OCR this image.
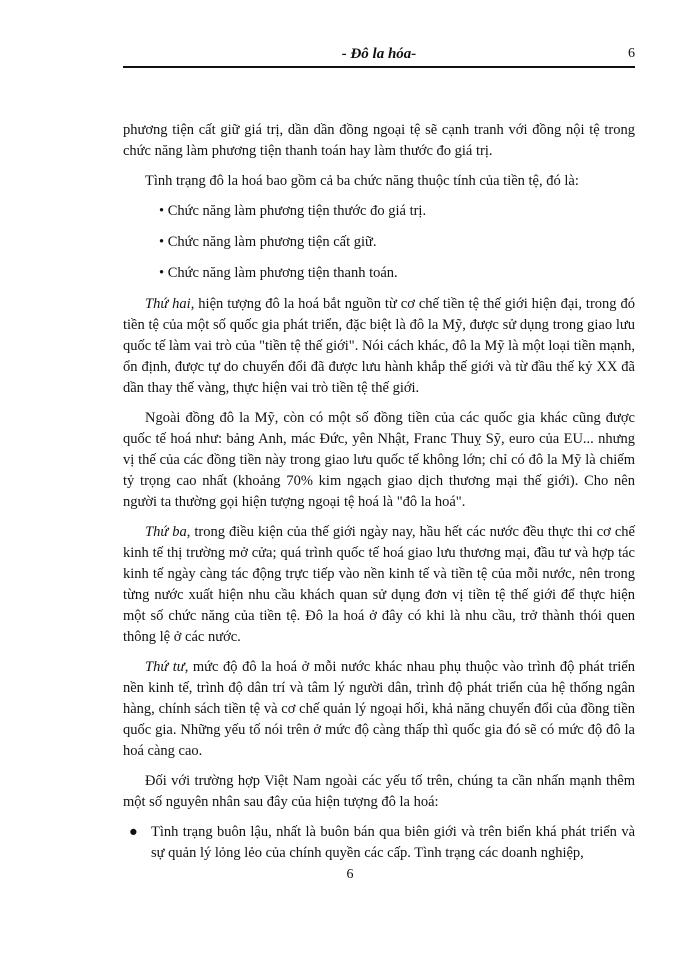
- Đô la hóa-	6

phương tiện cất giữ giá trị, dần dần đồng ngoại tệ sẽ cạnh tranh với đồng nội tệ trong chức năng làm phương tiện thanh toán hay làm thước đo giá trị.

Tình trạng đô la hoá bao gồm cả ba chức năng thuộc tính của tiền tệ, đó là:

• Chức năng làm phương tiện thước đo giá trị.
• Chức năng làm phương tiện cất giữ.
• Chức năng làm phương tiện thanh toán.

Thứ hai, hiện tượng đô la hoá bắt nguồn từ cơ chế tiền tệ thế giới hiện đại, trong đó tiền tệ của một số quốc gia phát triển, đặc biệt là đô la Mỹ, được sử dụng trong giao lưu quốc tế làm vai trò của "tiền tệ thế giới". Nói cách khác, đô la Mỹ là một loại tiền mạnh, ổn định, được tự do chuyển đổi đã được lưu hành khắp thế giới và từ đầu thế kỷ XX đã dần thay thế vàng, thực hiện vai trò tiền tệ thế giới.

Ngoài đồng đô la Mỹ, còn có một số đồng tiền của các quốc gia khác cũng được quốc tế hoá như: bảng Anh, mác Đức, yên Nhật, Franc Thuỵ Sỹ, euro của EU... nhưng vị thế của các đồng tiền này trong giao lưu quốc tế không lớn; chỉ có đô la Mỹ là chiếm tỷ trọng cao nhất (khoảng 70% kim ngạch giao dịch thương mại thế giới). Cho nên người ta thường gọi hiện tượng ngoại tệ hoá là "đô la hoá".

Thứ ba, trong điều kiện của thế giới ngày nay, hầu hết các nước đều thực thi cơ chế kinh tế thị trường mở cửa; quá trình quốc tế hoá giao lưu thương mại, đầu tư và hợp tác kinh tế ngày càng tác động trực tiếp vào nền kinh tế và tiền tệ của mỗi nước, nên trong từng nước xuất hiện nhu cầu khách quan sử dụng đơn vị tiền tệ thế giới để thực hiện một số chức năng của tiền tệ. Đô la hoá ở đây có khi là nhu cầu, trở thành thói quen thông lệ ở các nước.

Thứ tư, mức độ đô la hoá ở mỗi nước khác nhau phụ thuộc vào trình độ phát triển nền kinh tế, trình độ dân trí và tâm lý người dân, trình độ phát triển của hệ thống ngân hàng, chính sách tiền tệ và cơ chế quản lý ngoại hối, khả năng chuyển đổi của đồng tiền quốc gia. Những yếu tố nói trên ở mức độ càng thấp thì quốc gia đó sẽ có mức độ đô la hoá càng cao.

Đối với trường hợp Việt Nam ngoài các yếu tố trên, chúng ta cần nhấn mạnh thêm một số nguyên nhân sau đây của hiện tượng đô la hoá:

● Tình trạng buôn lậu, nhất là buôn bán qua biên giới và trên biển khá phát triển và sự quản lý lỏng lẻo của chính quyền các cấp. Tình trạng các doanh nghiệp,
6
